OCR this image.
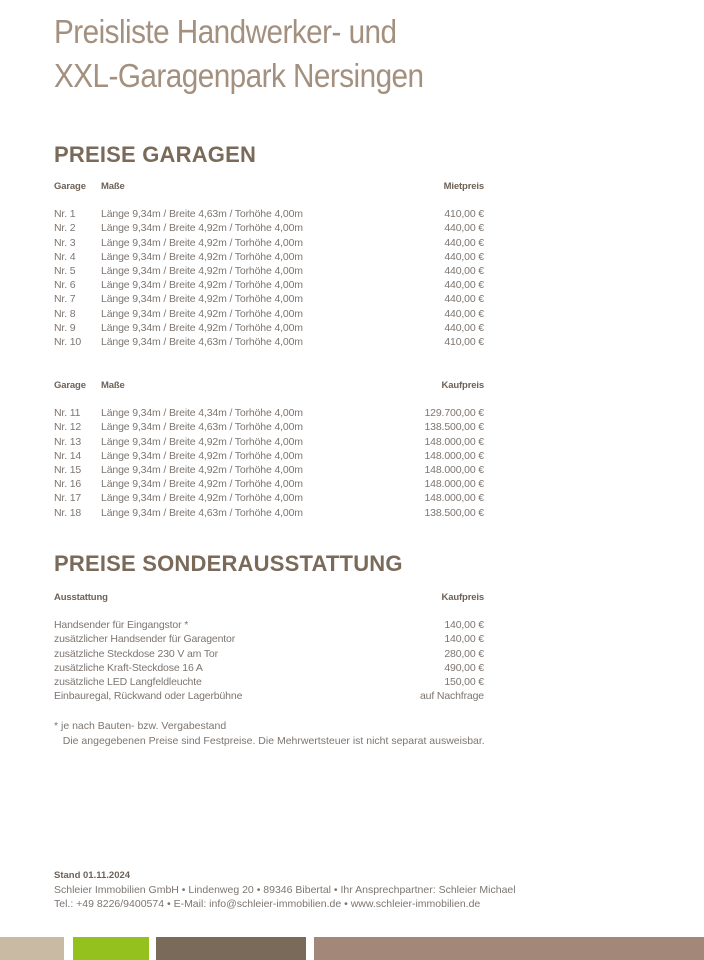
Preisliste Handwerker- und
XXL-Garagenpark Nersingen
PREISE GARAGEN
Garage	Maße	Mietpreis
Nr. 1	Länge 9,34m / Breite 4,63m / Torhöhe 4,00m	410,00 €
Nr. 2	Länge 9,34m / Breite 4,92m / Torhöhe 4,00m	440,00 €
Nr. 3	Länge 9,34m / Breite 4,92m / Torhöhe 4,00m	440,00 €
Nr. 4	Länge 9,34m / Breite 4,92m / Torhöhe 4,00m	440,00 €
Nr. 5	Länge 9,34m / Breite 4,92m / Torhöhe 4,00m	440,00 €
Nr. 6	Länge 9,34m / Breite 4,92m / Torhöhe 4,00m	440,00 €
Nr. 7	Länge 9,34m / Breite 4,92m / Torhöhe 4,00m	440,00 €
Nr. 8	Länge 9,34m / Breite 4,92m / Torhöhe 4,00m	440,00 €
Nr. 9	Länge 9,34m / Breite 4,92m / Torhöhe 4,00m	440,00 €
Nr. 10	Länge 9,34m / Breite 4,63m / Torhöhe 4,00m	410,00 €
Garage	Maße	Kaufpreis
Nr. 11	Länge 9,34m / Breite 4,34m / Torhöhe 4,00m	129.700,00 €
Nr. 12	Länge 9,34m / Breite 4,63m / Torhöhe 4,00m	138.500,00 €
Nr. 13	Länge 9,34m / Breite 4,92m / Torhöhe 4,00m	148.000,00 €
Nr. 14	Länge 9,34m / Breite 4,92m / Torhöhe 4,00m	148.000,00 €
Nr. 15	Länge 9,34m / Breite 4,92m / Torhöhe 4,00m	148.000,00 €
Nr. 16	Länge 9,34m / Breite 4,92m / Torhöhe 4,00m	148.000,00 €
Nr. 17	Länge 9,34m / Breite 4,92m / Torhöhe 4,00m	148.000,00 €
Nr. 18	Länge 9,34m / Breite 4,63m / Torhöhe 4,00m	138.500,00 €
PREISE SONDERAUSSTATTUNG
Ausstattung	Kaufpreis
Handsender für Eingangstor *	140,00 €
zusätzlicher Handsender für Garagentor	140,00 €
zusätzliche Steckdose 230 V am Tor	280,00 €
zusätzliche Kraft-Steckdose 16 A	490,00 €
zusätzliche LED Langfeldleuchte	150,00 €
Einbauregal, Rückwand oder Lagerbühne	auf Nachfrage
* je nach Bauten- bzw. Vergabestand
Die angegebenen Preise sind Festpreise. Die Mehrwertsteuer ist nicht separat ausweisbar.
Stand 01.11.2024
Schleier Immobilien GmbH • Lindenweg 20 • 89346 Bibertal • Ihr Ansprechpartner: Schleier Michael
Tel.: +49 8226/9400574 • E-Mail: info@schleier-immobilien.de • www.schleier-immobilien.de
